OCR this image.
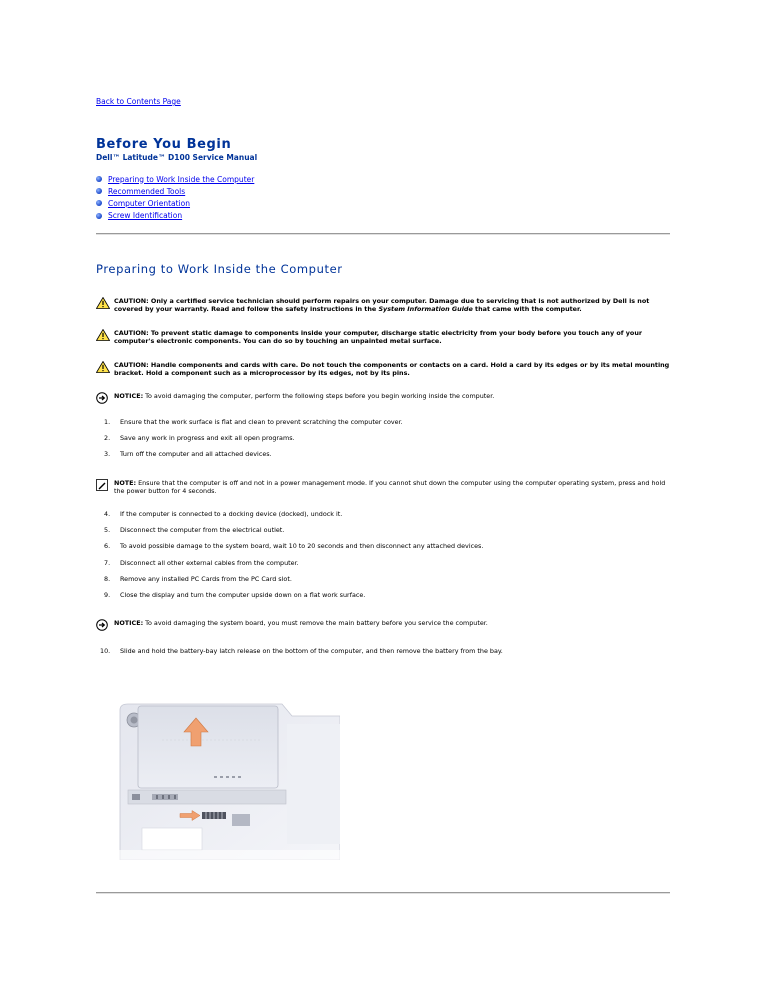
Back to Contents Page
Before You Begin
Dell™ Latitude™ D100 Service Manual
Preparing to Work Inside the Computer
Recommended Tools
Computer Orientation
Screw Identification
Preparing to Work Inside the Computer
CAUTION: Only a certified service technician should perform repairs on your computer. Damage due to servicing that is not authorized by Dell is not covered by your warranty. Read and follow the safety instructions in the System Information Guide that came with the computer.
CAUTION: To prevent static damage to components inside your computer, discharge static electricity from your body before you touch any of your computer's electronic components. You can do so by touching an unpainted metal surface.
CAUTION: Handle components and cards with care. Do not touch the components or contacts on a card. Hold a card by its edges or by its metal mounting bracket. Hold a component such as a microprocessor by its edges, not by its pins.
NOTICE: To avoid damaging the computer, perform the following steps before you begin working inside the computer.
1.	Ensure that the work surface is flat and clean to prevent scratching the computer cover.
2.	Save any work in progress and exit all open programs.
3.	Turn off the computer and all attached devices.
NOTE: Ensure that the computer is off and not in a power management mode. If you cannot shut down the computer using the computer operating system, press and hold the power button for 4 seconds.
4.	If the computer is connected to a docking device (docked), undock it.
5.	Disconnect the computer from the electrical outlet.
6.	To avoid possible damage to the system board, wait 10 to 20 seconds and then disconnect any attached devices.
7.	Disconnect all other external cables from the computer.
8.	Remove any installed PC Cards from the PC Card slot.
9.	Close the display and turn the computer upside down on a flat work surface.
NOTICE: To avoid damaging the system board, you must remove the main battery before you service the computer.
10.	Slide and hold the battery-bay latch release on the bottom of the computer, and then remove the battery from the bay.
